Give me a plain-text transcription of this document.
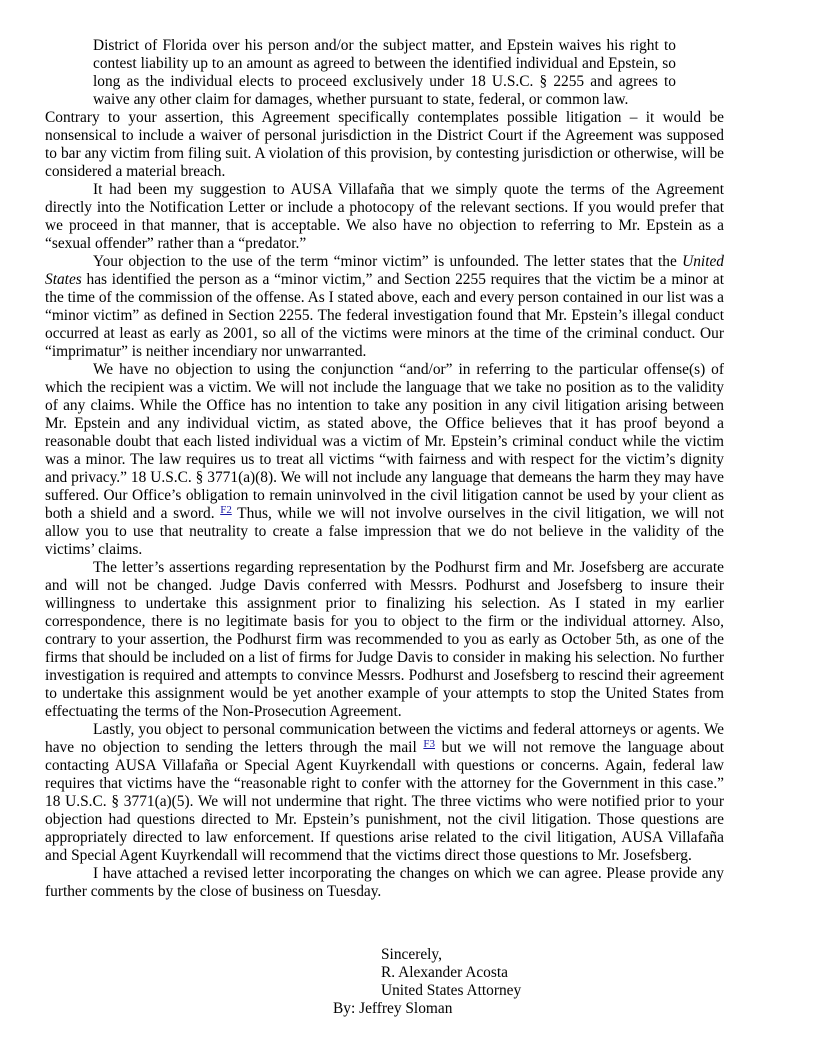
District of Florida over his person and/or the subject matter, and Epstein waives his right to contest liability up to an amount as agreed to between the identified individual and Epstein, so long as the individual elects to proceed exclusively under 18 U.S.C. § 2255 and agrees to waive any other claim for damages, whether pursuant to state, federal, or common law.

Contrary to your assertion, this Agreement specifically contemplates possible litigation – it would be nonsensical to include a waiver of personal jurisdiction in the District Court if the Agreement was supposed to bar any victim from filing suit. A violation of this provision, by contesting jurisdiction or otherwise, will be considered a material breach.

It had been my suggestion to AUSA Villafaña that we simply quote the terms of the Agreement directly into the Notification Letter or include a photocopy of the relevant sections. If you would prefer that we proceed in that manner, that is acceptable. We also have no objection to referring to Mr. Epstein as a “sexual offender” rather than a “predator.”

Your objection to the use of the term “minor victim” is unfounded. The letter states that the United States has identified the person as a “minor victim,” and Section 2255 requires that the victim be a minor at the time of the commission of the offense. As I stated above, each and every person contained in our list was a “minor victim” as defined in Section 2255. The federal investigation found that Mr. Epstein’s illegal conduct occurred at least as early as 2001, so all of the victims were minors at the time of the criminal conduct. Our “imprimatur” is neither incendiary nor unwarranted.

We have no objection to using the conjunction “and/or” in referring to the particular offense(s) of which the recipient was a victim. We will not include the language that we take no position as to the validity of any claims. While the Office has no intention to take any position in any civil litigation arising between Mr. Epstein and any individual victim, as stated above, the Office believes that it has proof beyond a reasonable doubt that each listed individual was a victim of Mr. Epstein’s criminal conduct while the victim was a minor. The law requires us to treat all victims “with fairness and with respect for the victim’s dignity and privacy.” 18 U.S.C. § 3771(a)(8). We will not include any language that demeans the harm they may have suffered. Our Office’s obligation to remain uninvolved in the civil litigation cannot be used by your client as both a shield and a sword. $^{F2}$ Thus, while we will not involve ourselves in the civil litigation, we will not allow you to use that neutrality to create a false impression that we do not believe in the validity of the victims’ claims.

The letter’s assertions regarding representation by the Podhurst firm and Mr. Josefsberg are accurate and will not be changed. Judge Davis conferred with Messrs. Podhurst and Josefsberg to insure their willingness to undertake this assignment prior to finalizing his selection. As I stated in my earlier correspondence, there is no legitimate basis for you to object to the firm or the individual attorney. Also, contrary to your assertion, the Podhurst firm was recommended to you as early as October 5th, as one of the firms that should be included on a list of firms for Judge Davis to consider in making his selection. No further investigation is required and attempts to convince Messrs. Podhurst and Josefsberg to rescind their agreement to undertake this assignment would be yet another example of your attempts to stop the United States from effectuating the terms of the Non-Prosecution Agreement.

Lastly, you object to personal communication between the victims and federal attorneys or agents. We have no objection to sending the letters through the mail $^{F3}$ but we will not remove the language about contacting AUSA Villafaña or Special Agent Kuyrkendall with questions or concerns. Again, federal law requires that victims have the “reasonable right to confer with the attorney for the Government in this case.” 18 U.S.C. § 3771(a)(5). We will not undermine that right. The three victims who were notified prior to your objection had questions directed to Mr. Epstein’s punishment, not the civil litigation. Those questions are appropriately directed to law enforcement. If questions arise related to the civil litigation, AUSA Villafaña and Special Agent Kuyrkendall will recommend that the victims direct those questions to Mr. Josefsberg.

I have attached a revised letter incorporating the changes on which we can agree. Please provide any further comments by the close of business on Tuesday.

Sincerely,
R. Alexander Acosta
United States Attorney
By: Jeffrey Sloman
